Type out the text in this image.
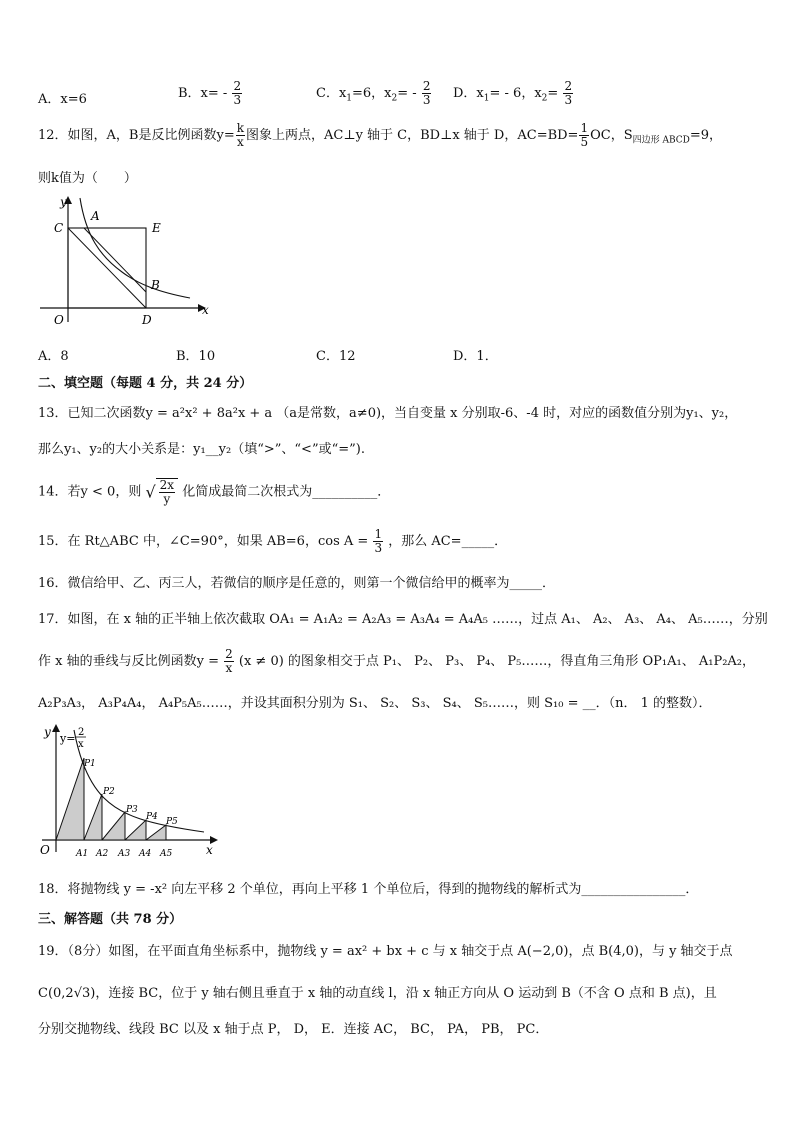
A．x=6	B．$x= - \frac{2}{3}$	C．$x_1=6$，$x_2= - \frac{2}{3}$ D．$x_1= - 6$，$x_2= \frac{2}{3}$
12．如图，A，B是反比例函数$y= \frac{k}{x}$ 图象上两点，AC⊥y 轴于 C，BD⊥x 轴于 D，$AC=BD= \frac{1}{5}$ OC，$S_{四边形 ABCD}=9$，
则k值为（　　）
y
x
O
C
A
E
B
D
A．8	B．10	C．12	D．1．
二、填空题（每题 4 分，共 24 分）
13．已知二次函数y = a²x² + 8a²x + a （a是常数，a≠0)，当自变量 x 分别取-6、-4 时，对应的函数值分别为y₁、y₂，
那么y₁、y₂的大小关系是：y₁__y₂（填“>”、“<”或“=”).
14．若y < 0，则 √ $\frac{2x}{y}$ 化简成最简二次根式为__________．
15．在 Rt△ABC 中，∠C=90°，如果 AB=6，$\cos A = \frac{1}{3}$ ，那么 AC=_____．
16．微信给甲、乙、丙三人，若微信的顺序是任意的，则第一个微信给甲的概率为_____．
17．如图，在 x 轴的正半轴上依次截取 OA₁ = A₁A₂ = A₂A₃ = A₃A₄ = A₄A₅ ……，过点 A₁、 A₂、 A₃、 A₄、 A₅……，分别
作 x 轴的垂线与反比例函数$y = \frac{2}{x} (x \ne 0)$ 的图象相交于点 P₁、 P₂、 P₃、 P₄、 P₅……，得直角三角形 OP₁A₁、 A₁P₂A₂，
A₂P₃A₃， A₃P₄A₄， A₄P₅A₅……，并设其面积分别为 S₁、 S₂、 S₃、 S₄、 S₅……，则 S₁₀ = __．（n． 1 的整数）．
y y= 2
x
O	x
P1
P2
P3
P4 P5
A1 A2 A3 A4 A5
18．将抛物线 y = -x² 向左平移 2 个单位，再向上平移 1 个单位后，得到的抛物线的解析式为________________．
三、解答题（共 78 分）
19．（8分）如图，在平面直角坐标系中，抛物线 y = ax² + bx + c 与 x 轴交于点 A(−2,0)，点 B(4,0)，与 y 轴交于点
C(0,2√3)，连接 BC，位于 y 轴右侧且垂直于 x 轴的动直线 l，沿 x 轴正方向从 O 运动到 B（不含 O 点和 B 点)，且
分别交抛物线、线段 BC 以及 x 轴于点 P， D， E．连接 AC， BC， PA， PB， PC．
